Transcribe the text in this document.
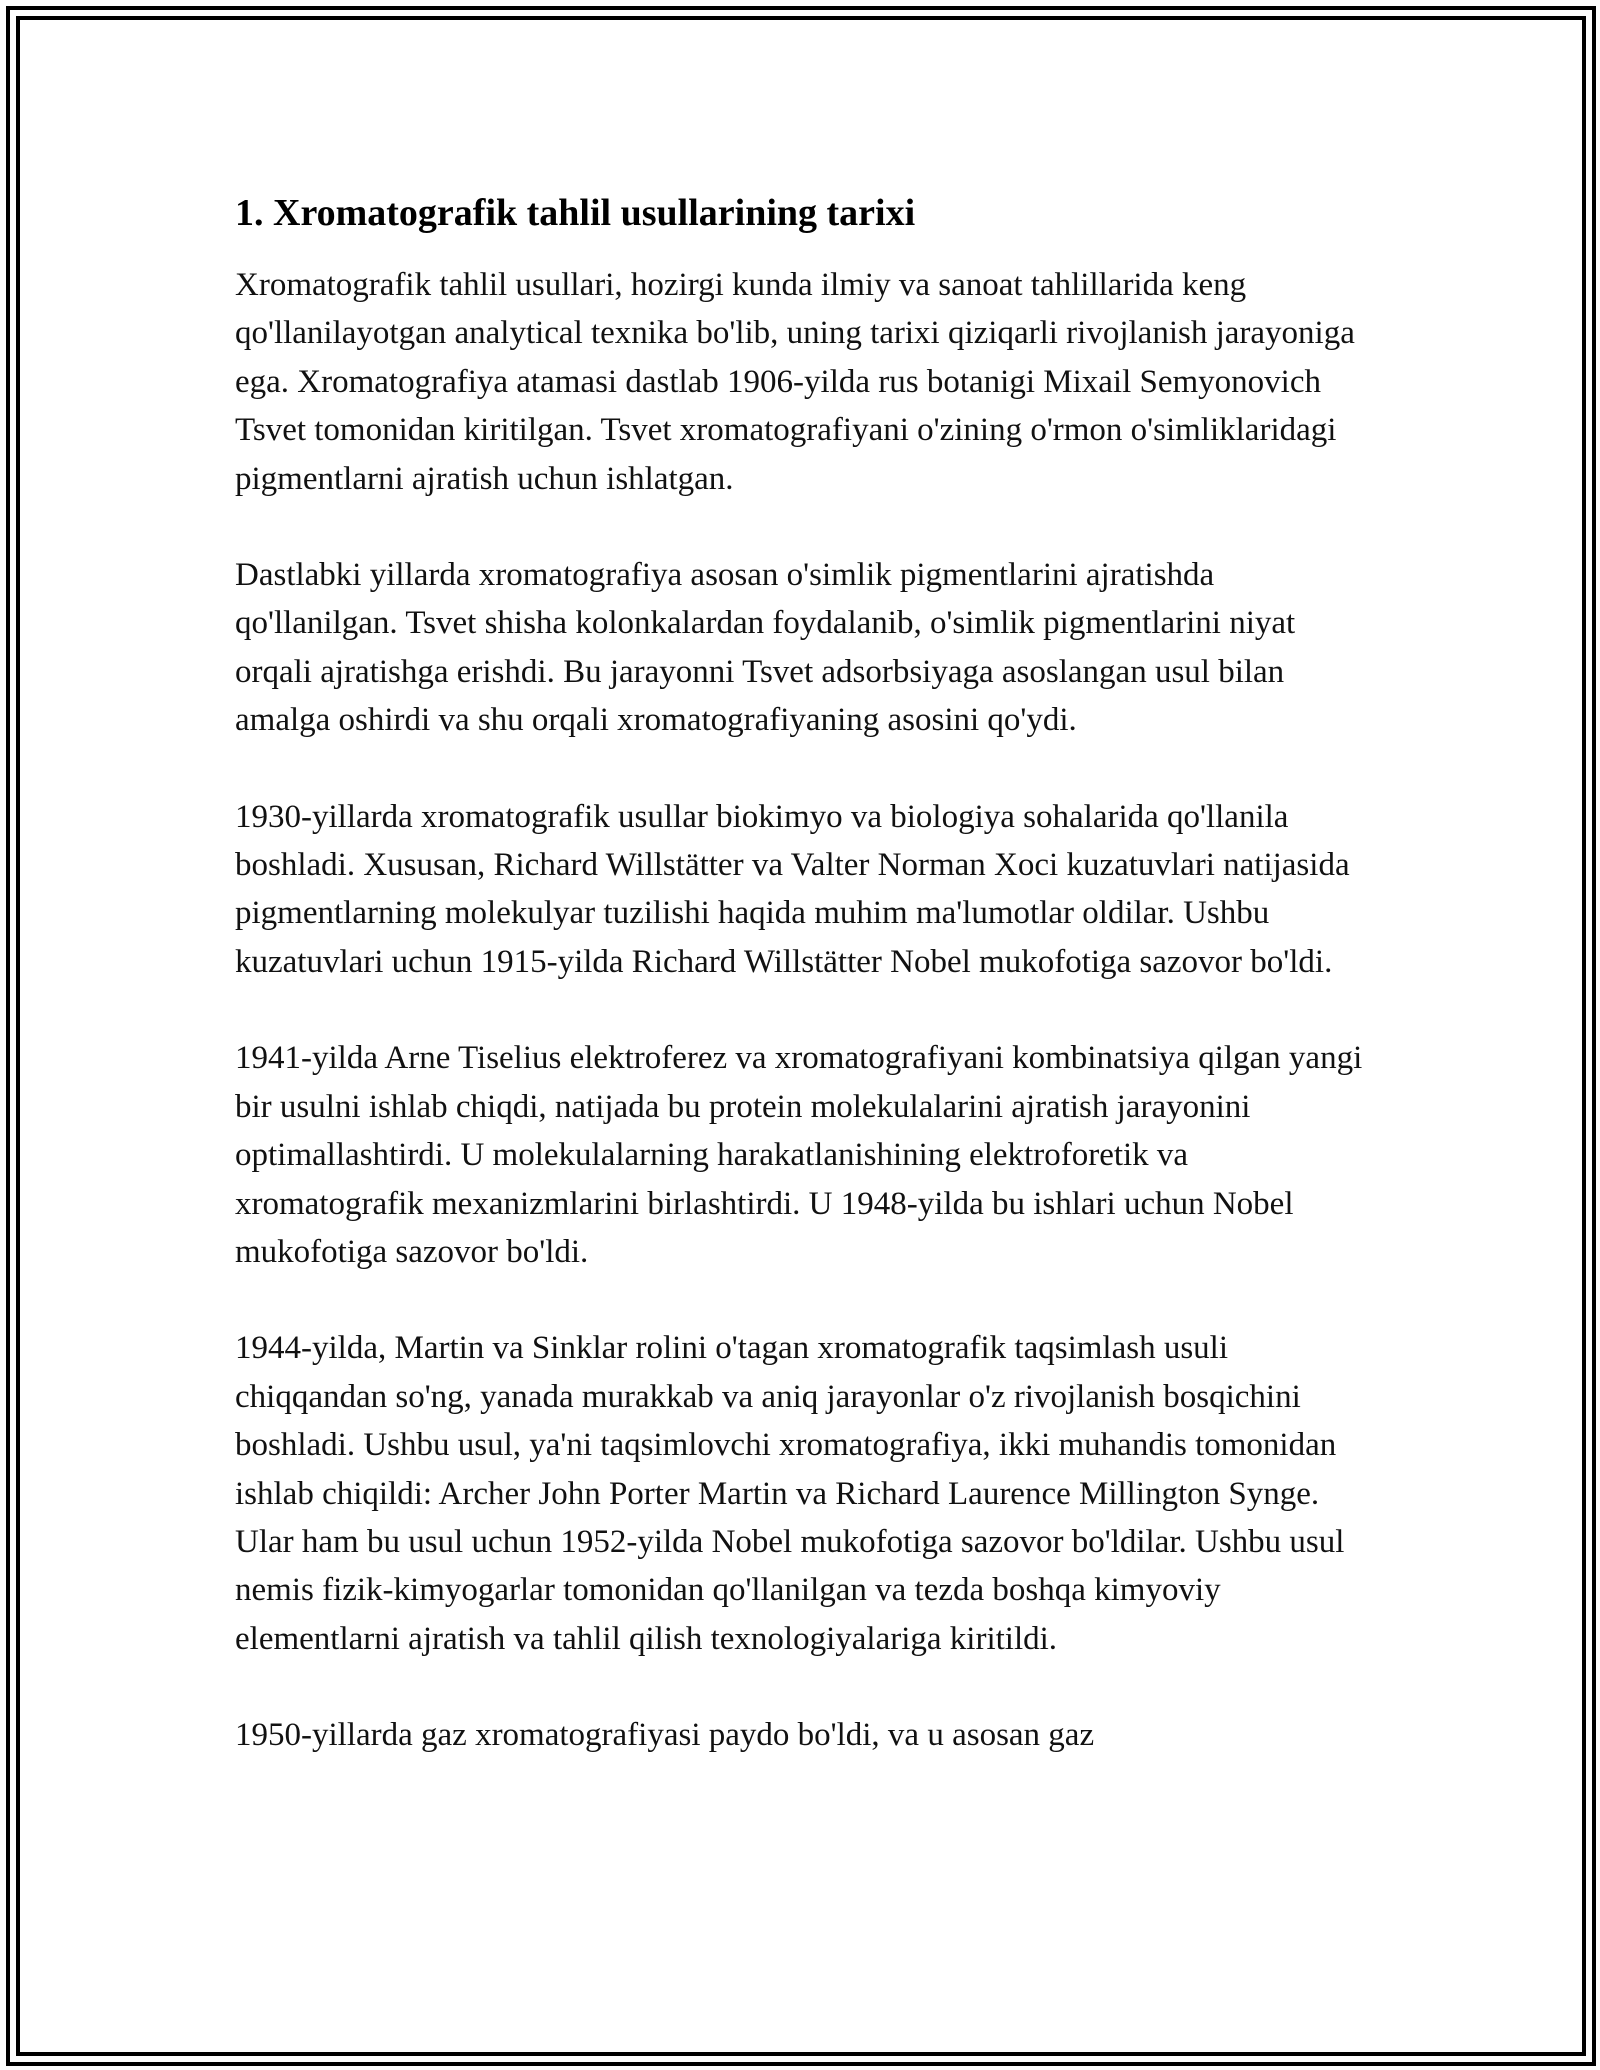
1. Xromatografik tahlil usullarining tarixi

Xromatografik tahlil usullari, hozirgi kunda ilmiy va sanoat tahlillarida keng qo'llanilayotgan analytical texnika bo'lib, uning tarixi qiziqarli rivojlanish jarayoniga ega. Xromatografiya atamasi dastlab 1906-yilda rus botanigi Mixail Semyonovich Tsvet tomonidan kiritilgan. Tsvet xromatografiyani o'zining o'rmon o'simliklaridagi pigmentlarni ajratish uchun ishlatgan.

Dastlabki yillarda xromatografiya asosan o'simlik pigmentlarini ajratishda qo'llanilgan. Tsvet shisha kolonkalardan foydalanib, o'simlik pigmentlarini niyat orqali ajratishga erishdi. Bu jarayonni Tsvet adsorbsiyaga asoslangan usul bilan amalga oshirdi va shu orqali xromatografiyaning asosini qo'ydi.

1930-yillarda xromatografik usullar biokimyo va biologiya sohalarida qo'llanila boshladi. Xususan, Richard Willstätter va Valter Norman Xoci kuzatuvlari natijasida pigmentlarning molekulyar tuzilishi haqida muhim ma'lumotlar oldilar. Ushbu kuzatuvlari uchun 1915-yilda Richard Willstätter Nobel mukofotiga sazovor bo'ldi.

1941-yilda Arne Tiselius elektroferez va xromatografiyani kombinatsiya qilgan yangi bir usulni ishlab chiqdi, natijada bu protein molekulalarini ajratish jarayonini optimallashtirdi. U molekulalarning harakatlanishining elektroforetik va xromatografik mexanizmlarini birlashtirdi. U 1948-yilda bu ishlari uchun Nobel mukofotiga sazovor bo'ldi.

1944-yilda, Martin va Sinklar rolini o'tagan xromatografik taqsimlash usuli chiqqandan so'ng, yanada murakkab va aniq jarayonlar o'z rivojlanish bosqichini boshladi. Ushbu usul, ya'ni taqsimlovchi xromatografiya, ikki muhandis tomonidan ishlab chiqildi: Archer John Porter Martin va Richard Laurence Millington Synge. Ular ham bu usul uchun 1952-yilda Nobel mukofotiga sazovor bo'ldilar. Ushbu usul nemis fizik-kimyogarlar tomonidan qo'llanilgan va tezda boshqa kimyoviy elementlarni ajratish va tahlil qilish texnologiyalariga kiritildi.

1950-yillarda gaz xromatografiyasi paydo bo'ldi, va u asosan gaz
